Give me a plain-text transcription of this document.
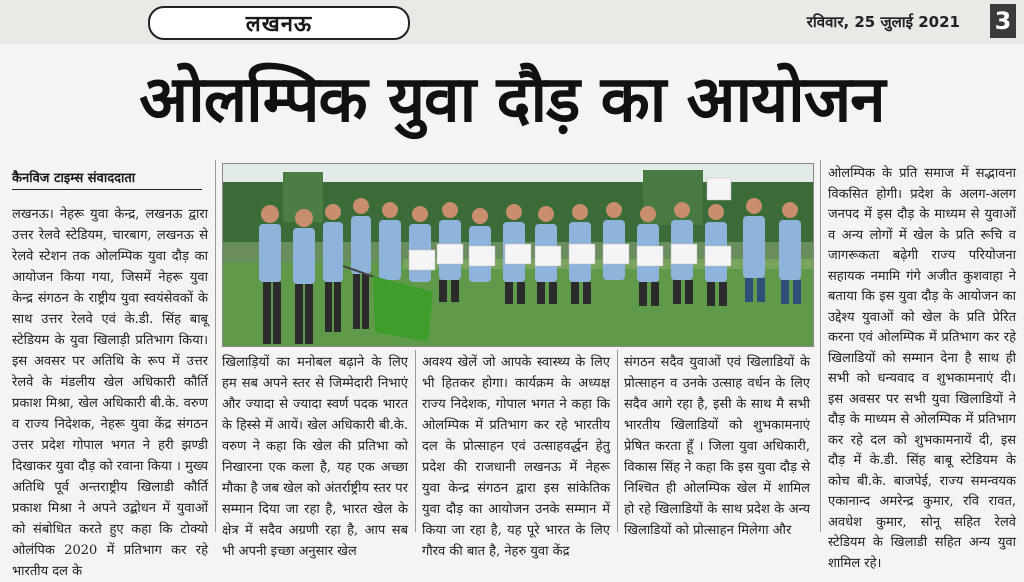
लखनऊ	रविवार, 25 जुलाई 2021 3
ओलम्पिक युवा दौड़ का आयोजन
कैनविज टाइम्स संवाददाता

लखनऊ। नेहरू युवा केन्द्र, लखनऊ द्वारा उत्तर रेलवे स्टेडियम, चारबाग, लखनऊ से रेलवे स्टेशन तक ओलम्पिक युवा दौड़ का आयोजन किया गया, जिसमें नेहरू युवा केन्द्र संगठन के राष्ट्रीय युवा स्वयंसेवकों के साथ उत्तर रेलवे एवं के.डी. सिंह बाबू स्टेडियम के युवा खिलाड़ी प्रतिभाग किया। इस अवसर पर अतिथि के रूप में उत्तर रेलवे के मंडलीय खेल अधिकारी कौर्ति प्रकाश मिश्रा, खेल अधिकारी बी.के. वरुण व राज्य निदेशक, नेहरू युवा केंद्र संगठन उत्तर प्रदेश गोपाल भगत ने हरी झण्डी दिखाकर युवा दौड़ को रवाना किया । मुख्य अतिथि पूर्व अन्तराष्ट्रीय खिलाडी कौर्ति प्रकाश मिश्रा ने अपने उद्बोधन में युवाओं को संबोधित करते हुए कहा कि टोक्यो ओलंपिक 2020 में प्रतिभाग कर रहे भारतीय दल के

खिलाड़ियों का मनोबल बढ़ाने के लिए हम सब अपने स्तर से जिम्मेदारी निभाएं और ज्यादा से ज्यादा स्वर्ण पदक भारत के हिस्से में आयें। खेल अधिकारी बी.के. वरुण ने कहा कि खेल की प्रतिभा को निखारना एक कला है, यह एक अच्छा मौका है जब खेल को अंतर्राष्ट्रीय स्तर पर सम्मान दिया जा रहा है, भारत खेल के क्षेत्र में सदैव अग्रणी रहा है, आप सब भी अपनी इच्छा अनुसार खेल

अवश्य खेलें जो आपके स्वास्थ्य के लिए भी हितकर होगा। कार्यक्रम के अध्यक्ष राज्य निदेशक, गोपाल भगत ने कहा कि ओलम्पिक में प्रतिभाग कर रहे भारतीय दल के प्रोत्साहन एवं उत्साहवर्द्धन हेतु प्रदेश की राजधानी लखनऊ में नेहरू युवा केन्द्र संगठन द्वारा इस सांकेतिक युवा दौड़ का आयोजन उनके सम्मान में किया जा रहा है, यह पूरे भारत के लिए गौरव की बात है, नेहरु युवा केंद्र

संगठन सदैव युवाओं एवं खिलाडियों के प्रोत्साहन व उनके उत्साह वर्धन के लिए सदैव आगे रहा है, इसी के साथ मै सभी भारतीय खिलाडियों को शुभकामनाएं प्रेषित करता हूँ । जिला युवा अधिकारी, विकास सिंह ने कहा कि इस युवा दौड़ से निश्चित ही ओलम्पिक खेल में शामिल हो रहे खिलाडियों के साथ प्रदेश के अन्य खिलाडियों को प्रोत्साहन मिलेगा और

ओलम्पिक के प्रति समाज में सद्भावना विकसित होगी। प्रदेश के अलग-अलग जनपद में इस दौड़ के माध्यम से युवाओं व अन्य लोगों में खेल के प्रति रूचि व जागरूकता बढ़ेगी राज्य परियोजना सहायक नमामि गंगे अजीत कुशवाहा ने बताया कि इस युवा दौड़ के आयोजन का उद्देश्य युवाओं को खेल के प्रति प्रेरित करना एवं ओलम्पिक में प्रतिभाग कर रहे खिलाडियों को सम्मान देना है साथ ही सभी को धन्यवाद व शुभकामनाएं दी। इस अवसर पर सभी युवा खिलाडियों ने दौड़ के माध्यम से ओलम्पिक में प्रतिभाग कर रहे दल को शुभकामनायें दी, इस दौड़ में के.डी. सिंह बाबू स्टेडियम के कोच बी.के. बाजपेई, राज्य समन्वयक एकानान्द अमरेन्द्र कुमार, रवि रावत, अवधेश कुमार, सोनू सहित रेलवे स्टेडियम के खिलाडी सहित अन्य युवा शामिल रहे।
